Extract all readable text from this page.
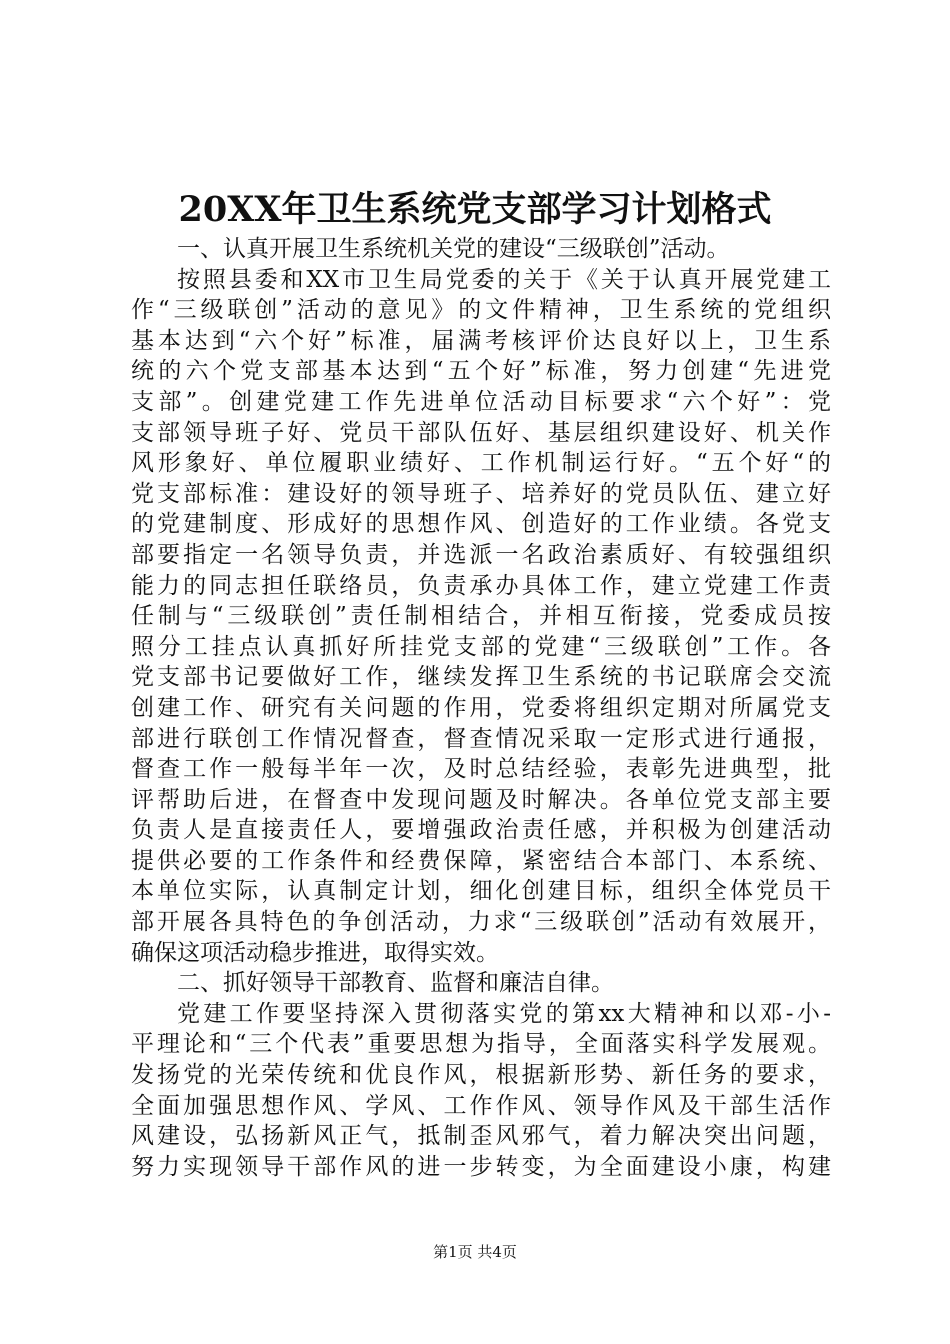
20XX年卫生系统党支部学习计划格式
一、认真开展卫生系统机关党的建设“三级联创”活动。
按照县委和XX市卫生局党委的关于《关于认真开展党建工
作“三级联创”活动的意见》的文件精神，卫生系统的党组织
基本达到“六个好”标准，届满考核评价达良好以上，卫生系
统的六个党支部基本达到“五个好”标准，努力创建“先进党
支部”。创建党建工作先进单位活动目标要求“六个好”：党
支部领导班子好、党员干部队伍好、基层组织建设好、机关作
风形象好、单位履职业绩好、工作机制运行好。“五个好“的
党支部标准：建设好的领导班子、培养好的党员队伍、建立好
的党建制度、形成好的思想作风、创造好的工作业绩。各党支
部要指定一名领导负责，并选派一名政治素质好、有较强组织
能力的同志担任联络员，负责承办具体工作，建立党建工作责
任制与“三级联创”责任制相结合，并相互衔接，党委成员按
照分工挂点认真抓好所挂党支部的党建“三级联创”工作。各
党支部书记要做好工作，继续发挥卫生系统的书记联席会交流
创建工作、研究有关问题的作用，党委将组织定期对所属党支
部进行联创工作情况督查，督查情况采取一定形式进行通报，
督查工作一般每半年一次，及时总结经验，表彰先进典型，批
评帮助后进，在督查中发现问题及时解决。各单位党支部主要
负责人是直接责任人，要增强政治责任感，并积极为创建活动
提供必要的工作条件和经费保障，紧密结合本部门、本系统、
本单位实际，认真制定计划，细化创建目标，组织全体党员干
部开展各具特色的争创活动，力求“三级联创”活动有效展开，
确保这项活动稳步推进，取得实效。
二、抓好领导干部教育、监督和廉洁自律。
党建工作要坚持深入贯彻落实党的第xx大精神和以邓-小-
平理论和“三个代表”重要思想为指导，全面落实科学发展观。
发扬党的光荣传统和优良作风，根据新形势、新任务的要求，
全面加强思想作风、学风、工作作风、领导作风及干部生活作
风建设，弘扬新风正气，抵制歪风邪气，着力解决突出问题，
努力实现领导干部作风的进一步转变，为全面建设小康，构建
第1页 共4页
